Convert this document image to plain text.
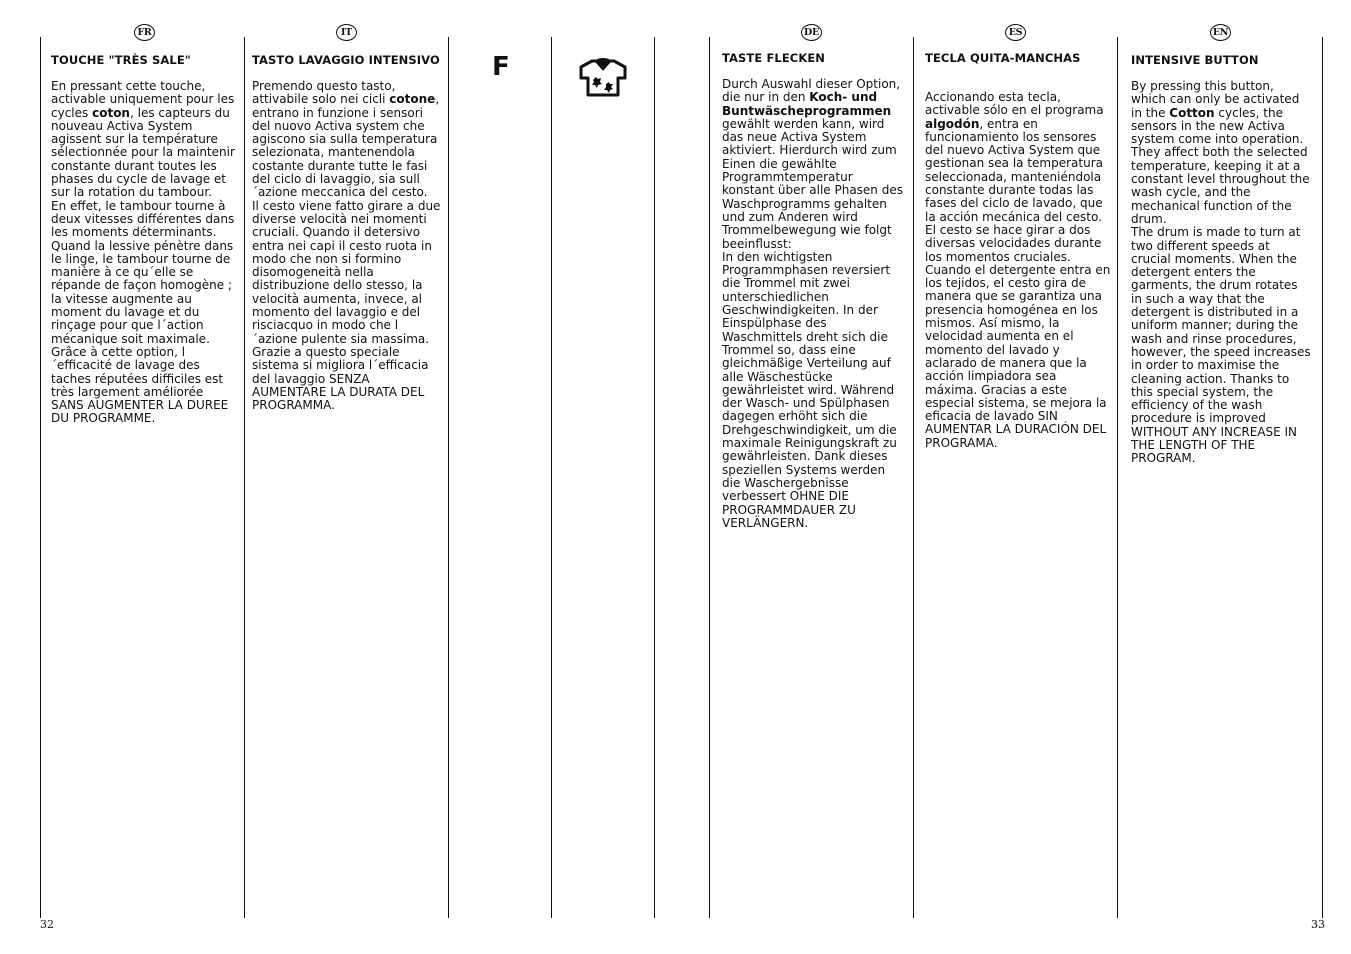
FR	IT	DE	ES	EN
TOUCHE "TRÈS SALE"

En pressant cette touche, activable uniquement pour les cycles coton, les capteurs du nouveau Activa System agissent sur la température sélectionnée pour la maintenir constante durant toutes les phases du cycle de lavage et sur la rotation du tambour.

En effet, le tambour tourne à deux vitesses différentes dans les moments déterminants. Quand la lessive pénètre dans le linge, le tambour tourne de manière à ce qu´elle se répande de façon homogène ; la vitesse augmente au moment du lavage et du rinçage pour que l´action mécanique soit maximale. Grâce à cette option, l´efficacité de lavage des taches réputées difficiles est très largement améliorée SANS AUGMENTER LA DUREE DU PROGRAMME.

TASTO LAVAGGIO INTENSIVO

Premendo questo tasto, attivabile solo nei cicli cotone, entrano in funzione i sensori del nuovo Activa system che agiscono sia sulla temperatura selezionata, mantenendola costante durante tutte le fasi del ciclo di lavaggio, sia sull´azione meccanica del cesto.

Il cesto viene fatto girare a due diverse velocità nei momenti cruciali. Quando il detersivo entra nei capi il cesto ruota in modo che non si formino disomogeneità nella distribuzione dello stesso, la velocità aumenta, invece, al momento del lavaggio e del risciacquo in modo che l´azione pulente sia massima. Grazie a questo speciale sistema si migliora l´efficacia del lavaggio SENZA AUMENTARE LA DURATA DEL PROGRAMMA.

F	TASTE FLECKEN

Durch Auswahl dieser Option, die nur in den Koch- und Buntwäscheprogrammen gewählt werden kann, wird das neue Activa System aktiviert. Hierdurch wird zum Einen die gewählte Programmtemperatur konstant über alle Phasen des Waschprogramms gehalten und zum Anderen wird Trommelbewegung wie folgt beeinflusst:

In den wichtigsten Programmphasen reversiert die Trommel mit zwei unterschiedlichen Geschwindigkeiten. In der Einspülphase des Waschmittels dreht sich die Trommel so, dass eine gleichmäßige Verteilung auf alle Wäschestücke gewährleistet wird. Während der Wasch- und Spülphasen dagegen erhöht sich die Drehgeschwindigkeit, um die maximale Reinigungskraft zu gewährleisten. Dank dieses speziellen Systems werden die Waschergebnisse verbessert OHNE DIE PROGRAMMDAUER ZU VERLÄNGERN.

TECLA QUITA-MANCHAS

Accionando esta tecla, activable sólo en el programa algodón, entra en funcionamiento los sensores del nuevo Activa System que gestionan sea la temperatura seleccionada, manteniéndola constante durante todas las fases del ciclo de lavado, que la acción mecánica del cesto.

El cesto se hace girar a dos diversas velocidades durante los momentos cruciales. Cuando el detergente entra en los tejidos, el cesto gira de manera que se garantiza una presencia homogénea en los mismos. Así mismo, la velocidad aumenta en el momento del lavado y aclarado de manera que la acción limpiadora sea máxima. Gracias a este especial sistema, se mejora la eficacia de lavado SIN AUMENTAR LA DURACIÓN DEL PROGRAMA.

INTENSIVE BUTTON

By pressing this button, which can only be activated in the Cotton cycles, the sensors in the new Activa system come into operation. They affect both the selected temperature, keeping it at a constant level throughout the wash cycle, and the mechanical function of the drum.

The drum is made to turn at two different speeds at crucial moments. When the detergent enters the garments, the drum rotates in such a way that the detergent is distributed in a uniform manner; during the wash and rinse procedures, however, the speed increases in order to maximise the cleaning action. Thanks to this special system, the efficiency of the wash procedure is improved WITHOUT ANY INCREASE IN THE LENGTH OF THE PROGRAM.

32	33
